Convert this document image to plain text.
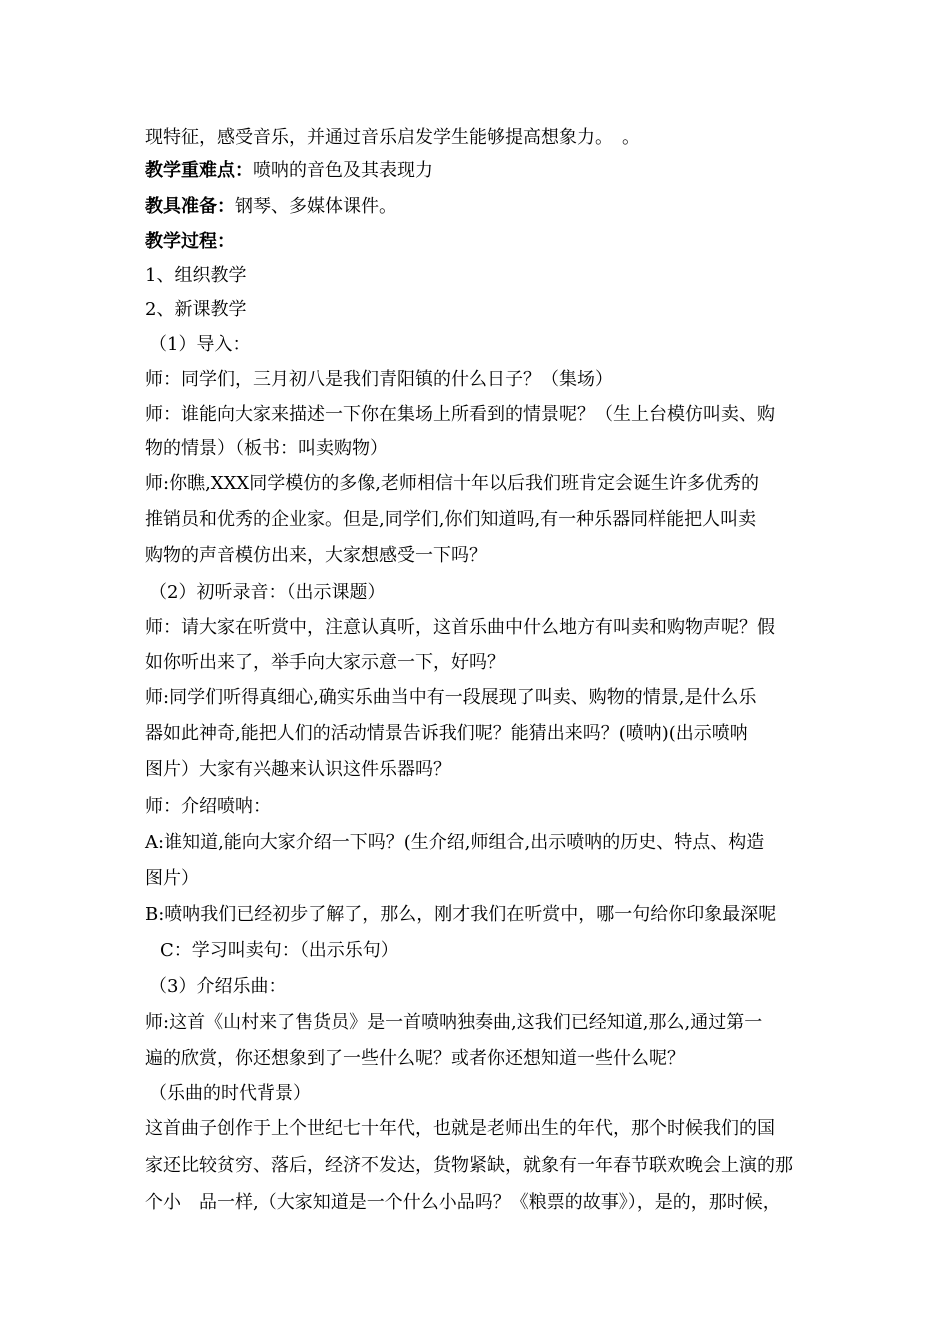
现特征，感受音乐，并通过音乐启发学生能够提高想象力。　。
教学重难点：喷呐的音色及其表现力
教具准备：钢琴、多媒体课件。
教学过程：
1、组织教学
2、新课教学
（1）导入：
师：同学们，三月初八是我们青阳镇的什么日子？（集场）
师：谁能向大家来描述一下你在集场上所看到的情景呢？（生上台模仿叫卖、购
物的情景）（板书：叫卖购物）
师:你瞧,XXX同学模仿的多像,老师相信十年以后我们班肯定会诞生许多优秀的
推销员和优秀的企业家。但是,同学们,你们知道吗,有一种乐器同样能把人叫卖
购物的声音模仿出来，大家想感受一下吗？
（2）初听录音：（出示课题）
师：请大家在听赏中，注意认真听，这首乐曲中什么地方有叫卖和购物声呢？假
如你听出来了，举手向大家示意一下，好吗？
师:同学们听得真细心,确实乐曲当中有一段展现了叫卖、购物的情景,是什么乐
器如此神奇,能把人们的活动情景告诉我们呢？能猜出来吗？(喷呐)(出示喷呐
图片）大家有兴趣来认识这件乐器吗？
师：介绍喷呐：
A:谁知道,能向大家介绍一下吗？(生介绍,师组合,出示喷呐的历史、特点、构造
图片）
B:喷呐我们已经初步了解了，那么，刚才我们在听赏中，哪一句给你印象最深呢
C：学习叫卖句：（出示乐句）
（3）介绍乐曲：
师:这首《山村来了售货员》是一首喷呐独奏曲,这我们已经知道,那么,通过第一
遍的欣赏，你还想象到了一些什么呢？或者你还想知道一些什么呢？
（乐曲的时代背景）
这首曲子创作于上个世纪七十年代，也就是老师出生的年代，那个时候我们的国
家还比较贫穷、落后，经济不发达，货物紧缺，就象有一年春节联欢晚会上演的那
个小　品一样,（大家知道是一个什么小品吗？《粮票的故事》），是的，那时候，
